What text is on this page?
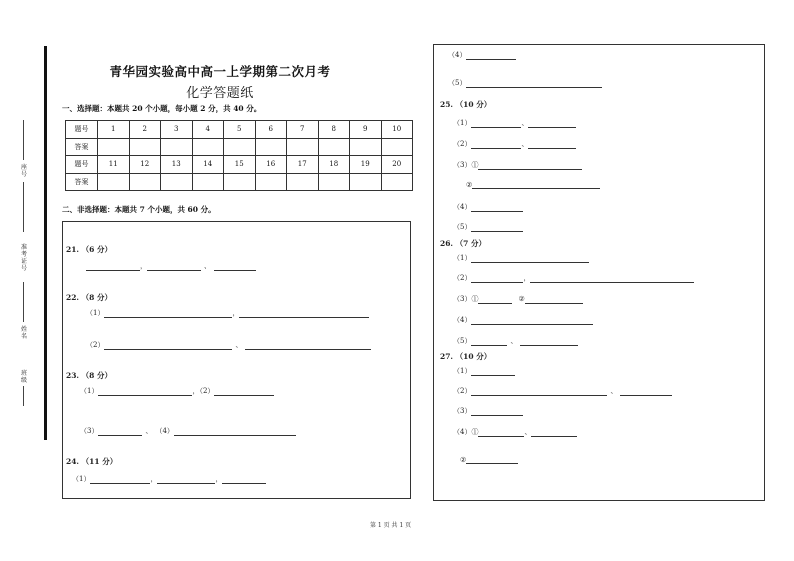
座号
准考证号
姓名
班级
青华园实验高中高一上学期第二次月考
化学答题纸
一、选择题：本题共 20 个小题，每小题 2 分，共 40 分。
题号	1	2	3	4	5	6	7	8	9	10
答案										
题号	11	12	13	14	15	16	17	18	19	20
答案										
二、非选择题：本题共 7 个小题，共 60 分。
21. （6 分）
，	、
22. （8 分）
（1）	，
（2）	、
23. （8 分）
（1）	，（2）
（3）	、 （4）
24. （11 分）
（1）	，	，
（4）
（5）
25. （10 分）
（1）	、
（2）	、
（3）①
②
（4）
（5）
26. （7 分）
（1）
（2）	，
（3）①	②
（4）
（5）	、
27. （10 分）
（1）
（2）	、
（3）
（4）①	、
②
第 1 页 共 1 页
